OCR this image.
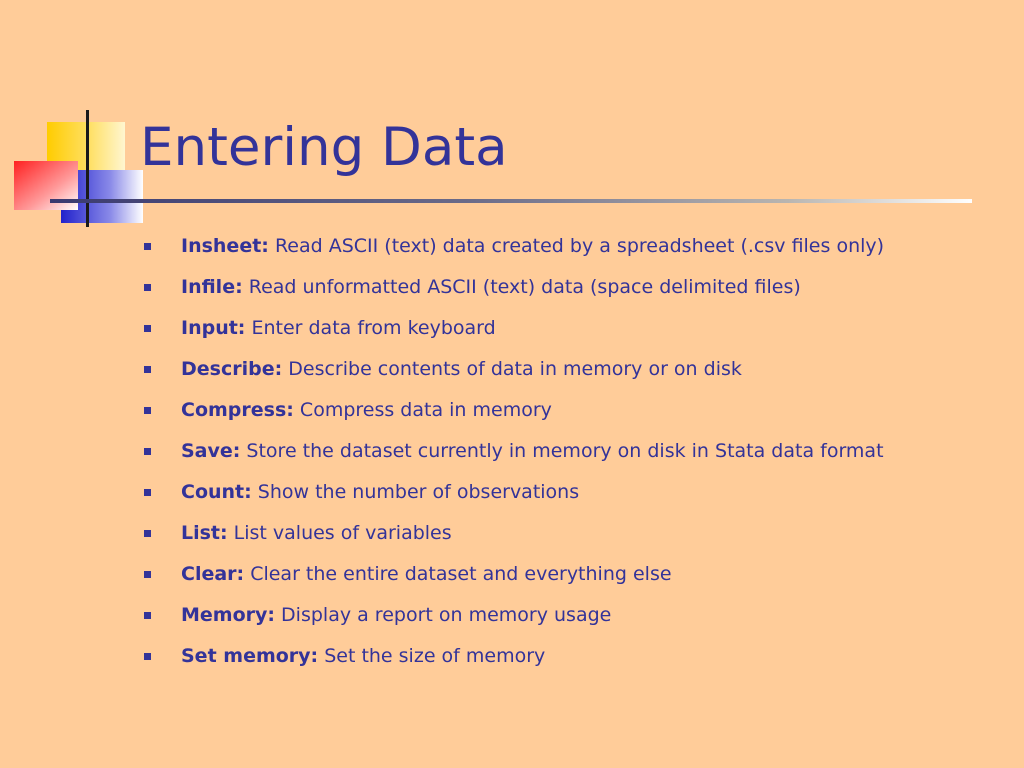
Entering Data
Insheet: Read ASCII (text) data created by a spreadsheet (.csv files only)
Infile: Read unformatted ASCII (text) data (space delimited files)
Input: Enter data from keyboard
Describe: Describe contents of data in memory or on disk
Compress: Compress data in memory
Save: Store the dataset currently in memory on disk in Stata data format
Count: Show the number of observations
List: List values of variables
Clear: Clear the entire dataset and everything else
Memory: Display a report on memory usage
Set memory: Set the size of memory
